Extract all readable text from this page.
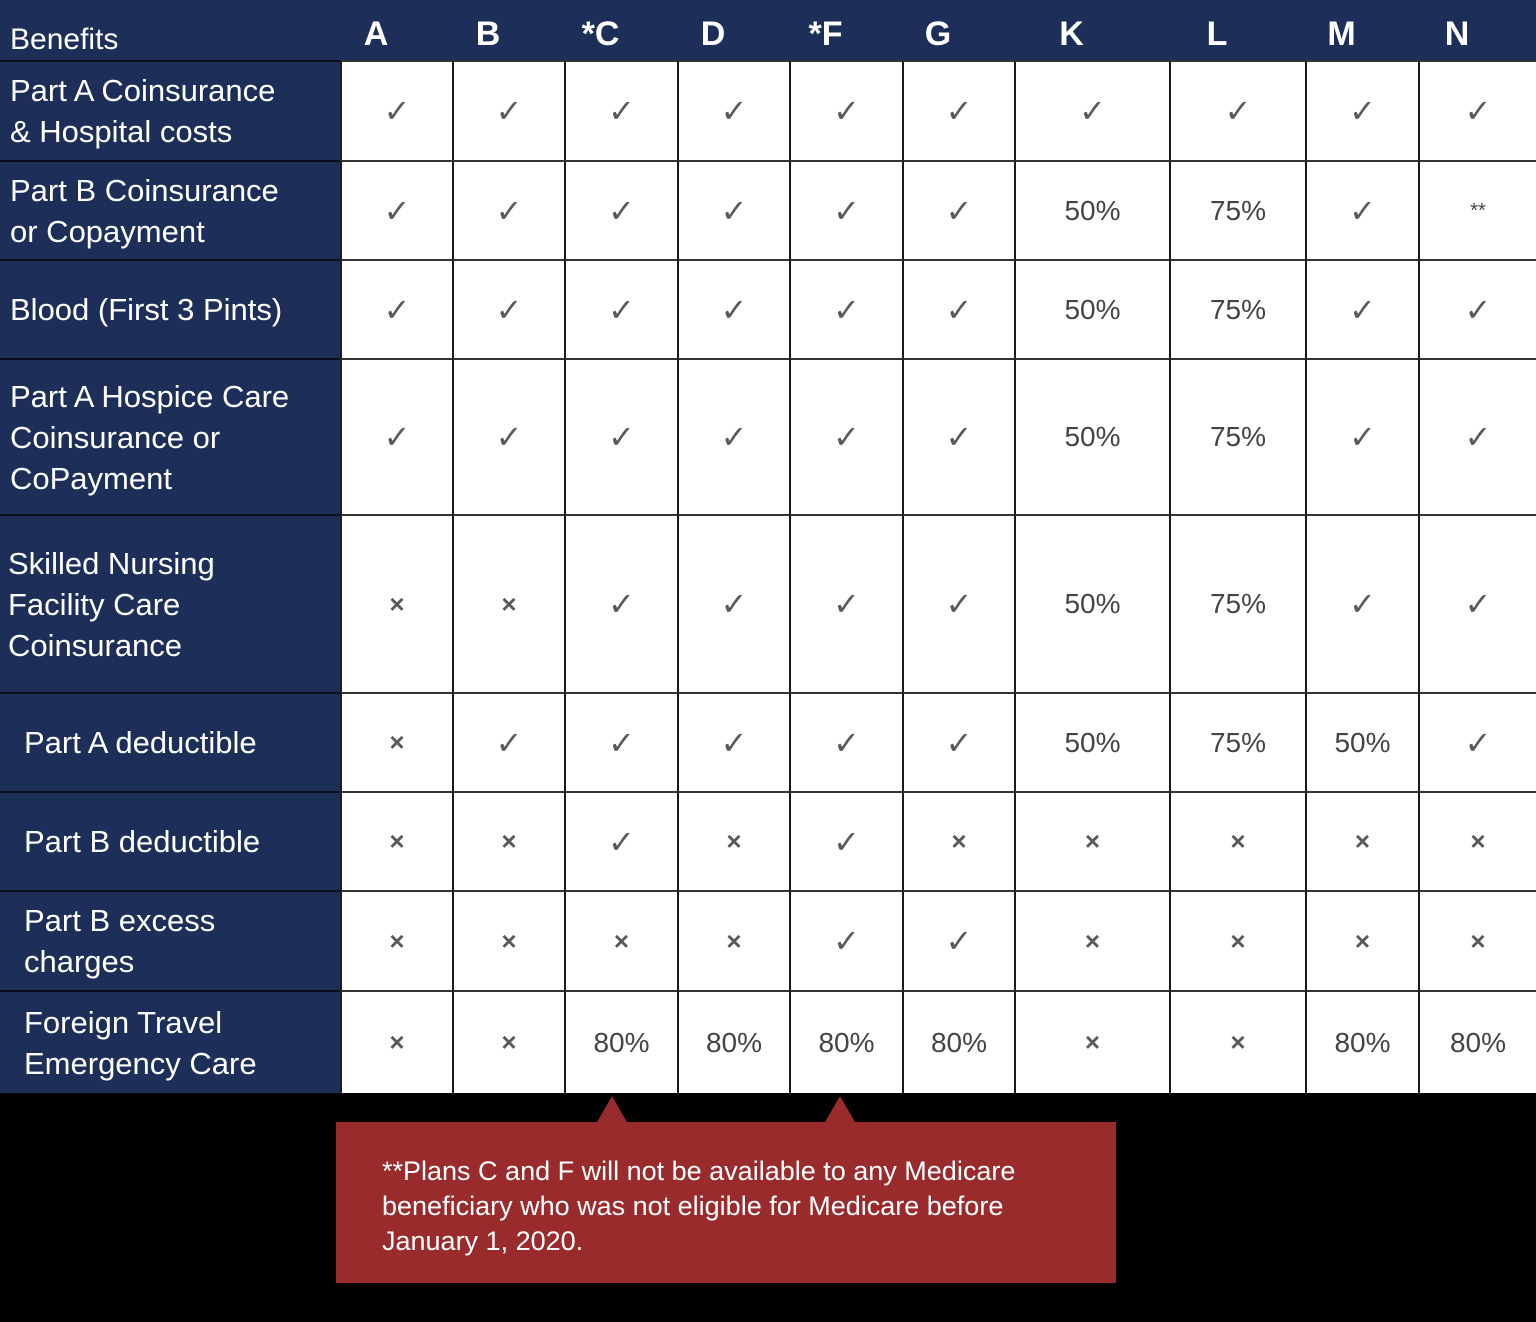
Benefits	A	B	*C	D	*F	G	K	L	M	N
Part A Coinsurance
& Hospital costs
✓	✓	✓	✓	✓	✓	✓	✓	✓	✓
Part B Coinsurance
or Copayment
✓	✓	✓	✓	✓	✓	50%	75%	✓	**
Blood (First 3 Pints)	✓	✓	✓	✓	✓	✓	50%	75%	✓	✓
Part A Hospice Care
Coinsurance or
CoPayment
✓	✓	✓	✓	✓	✓	50%	75%	✓	✓
Skilled Nursing
Facility Care
Coinsurance
×	×	✓	✓	✓	✓	50%	75%	✓	✓
Part A deductible	×	✓	✓	✓	✓	✓	50%	75%	50%	✓
Part B deductible	×	×	✓	×	✓	×	×	×	×	×
Part B excess
charges
×	×	×	×	✓	✓	×	×	×	×
Foreign Travel
Emergency Care
×	×	80%	80%	80%	80%	×	×	80%	80%
**Plans C and F will not be available to any Medicare beneficiary who was not eligible for Medicare before January 1, 2020.
